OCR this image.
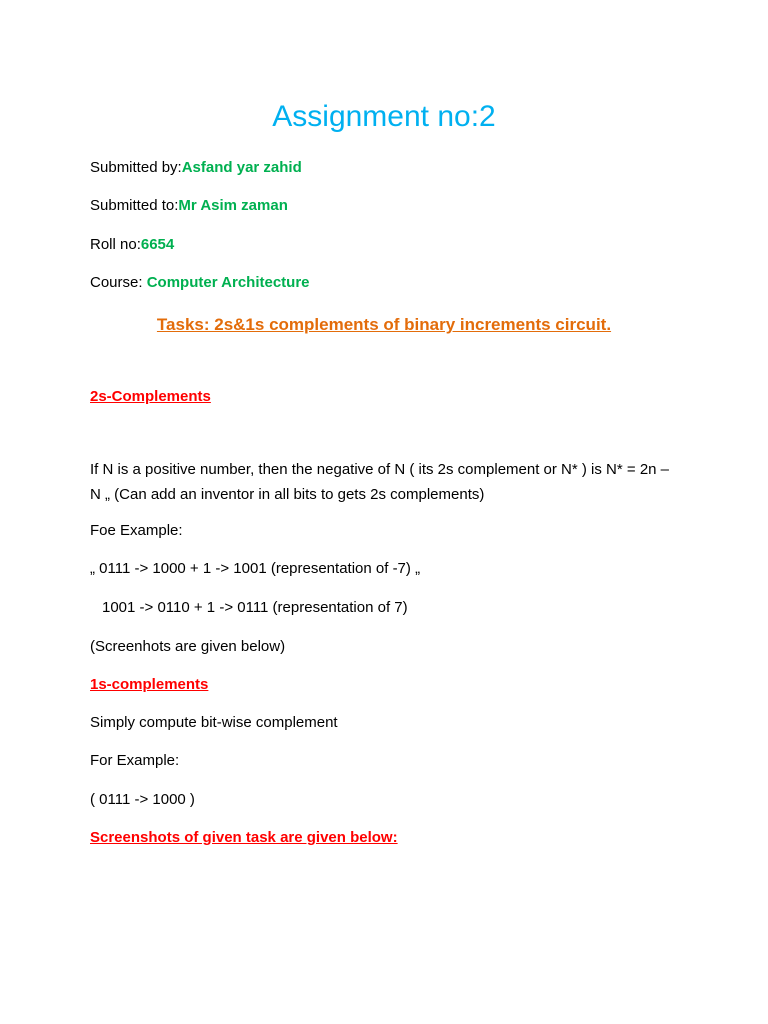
Assignment no:2
Submitted by:Asfand yar zahid
Submitted to:Mr Asim zaman
Roll no:6654
Course: Computer Architecture
Tasks: 2s&1s complements of binary increments circuit.
2s-Complements
If N is a positive number, then the negative of N ( its 2s complement or N* ) is N* = 2n – N „ (Can add an inventor in all bits to gets 2s complements)
Foe Example:
„ 0111 -> 1000 + 1 -> 1001 (representation of -7) „
1001 -> 0110 + 1 -> 0111 (representation of 7)
(Screenhots are given below)
1s-complements
Simply compute bit-wise complement
For Example:
( 0111 -> 1000 )
Screenshots of given task are given below:
